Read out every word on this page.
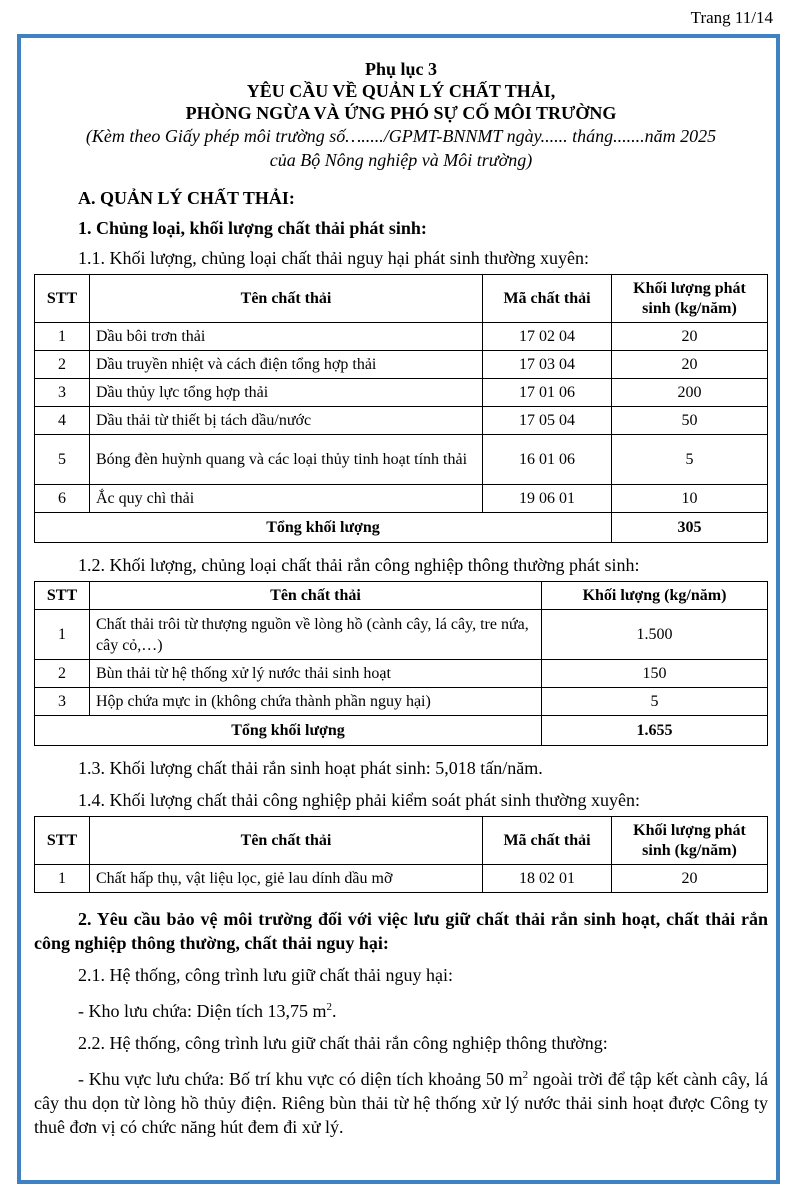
Trang 11/14
Phụ lục 3
YÊU CẦU VỀ QUẢN LÝ CHẤT THẢI,
PHÒNG NGỪA VÀ ỨNG PHÓ SỰ CỐ MÔI TRƯỜNG
(Kèm theo Giấy phép môi trường số…...../GPMT-BNNMT ngày...... tháng.......năm 2025
của Bộ Nông nghiệp và Môi trường)
A. QUẢN LÝ CHẤT THẢI:
1. Chủng loại, khối lượng chất thải phát sinh:
1.1. Khối lượng, chủng loại chất thải nguy hại phát sinh thường xuyên:
STT	Tên chất thải	Mã chất thải	Khối lượng phát sinh (kg/năm)
1	Dầu bôi trơn thải	17 02 04	20
2	Dầu truyền nhiệt và cách điện tổng hợp thải	17 03 04	20
3	Dầu thủy lực tổng hợp thải	17 01 06	200
4	Dầu thải từ thiết bị tách dầu/nước	17 05 04	50
5	Bóng đèn huỳnh quang và các loại thủy tinh hoạt tính thải	16 01 06	5
6	Ắc quy chì thải	19 06 01	10
Tổng khối lượng			305
1.2. Khối lượng, chủng loại chất thải rắn công nghiệp thông thường phát sinh:
STT	Tên chất thải	Khối lượng (kg/năm)
1	Chất thải trôi từ thượng nguồn về lòng hồ (cành cây, lá cây, tre nứa, cây cỏ,…)	1.500
2	Bùn thải từ hệ thống xử lý nước thải sinh hoạt	150
3	Hộp chứa mực in (không chứa thành phần nguy hại)	5
Tổng khối lượng		1.655
1.3. Khối lượng chất thải rắn sinh hoạt phát sinh: 5,018 tấn/năm.
1.4. Khối lượng chất thải công nghiệp phải kiểm soát phát sinh thường xuyên:
STT	Tên chất thải	Mã chất thải	Khối lượng phát sinh (kg/năm)
1	Chất hấp thụ, vật liệu lọc, giẻ lau dính dầu mỡ	18 02 01	20
2. Yêu cầu bảo vệ môi trường đối với việc lưu giữ chất thải rắn sinh hoạt, chất thải rắn công nghiệp thông thường, chất thải nguy hại:
2.1. Hệ thống, công trình lưu giữ chất thải nguy hại:
- Kho lưu chứa: Diện tích 13,75 $m^2$.
2.2. Hệ thống, công trình lưu giữ chất thải rắn công nghiệp thông thường:
- Khu vực lưu chứa: Bố trí khu vực có diện tích khoảng 50 $m^2$ ngoài trời để tập kết cành cây, lá cây thu dọn từ lòng hồ thủy điện. Riêng bùn thải từ hệ thống xử lý nước thải sinh hoạt được Công ty thuê đơn vị có chức năng hút đem đi xử lý.
